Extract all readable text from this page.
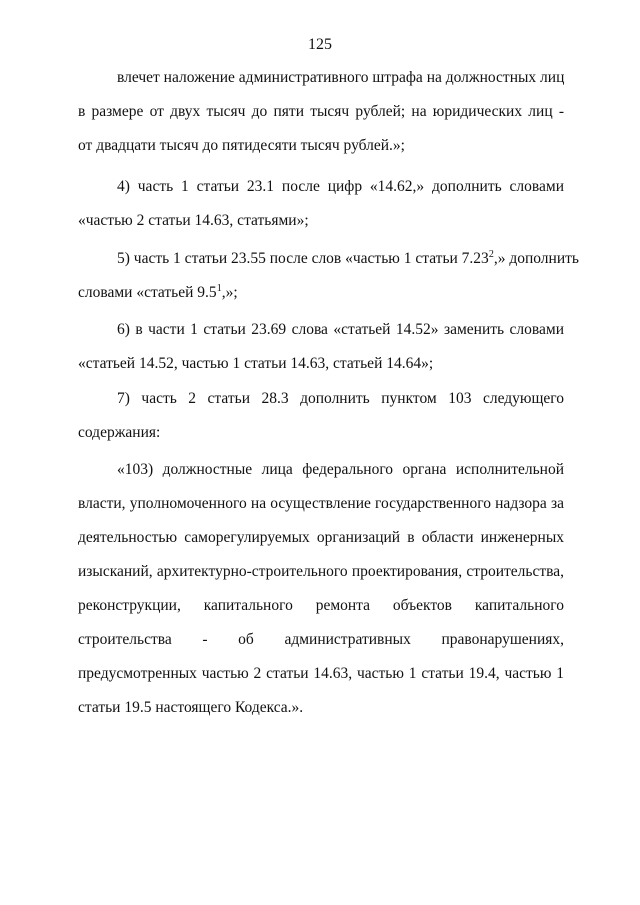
125
влечет наложение административного штрафа на должностных лиц
в размере от двух тысяч до пяти тысяч рублей; на юридических лиц -
от двадцати тысяч до пятидесяти тысяч рублей.»;
4) часть 1 статьи 23.1 после цифр «14.62,» дополнить словами
«частью 2 статьи 14.63, статьями»;
5) часть 1 статьи 23.55 после слов «частью 1 статьи 7.23$^2$,» дополнить
словами «статьей $9.5^1$,»;
6) в части 1 статьи 23.69 слова «статьей 14.52» заменить словами
«статьей 14.52, частью 1 статьи 14.63, статьей 14.64»;
7) часть 2 статьи 28.3 дополнить пунктом 103 следующего
содержания:
«103) должностные лица федерального органа исполнительной
власти, уполномоченного на осуществление государственного надзора за
деятельностью саморегулируемых организаций в области инженерных
изысканий, архитектурно-строительного проектирования, строительства,
реконструкции, капитального ремонта объектов капитального
строительства - об административных правонарушениях,
предусмотренных частью 2 статьи 14.63, частью 1 статьи 19.4, частью 1
статьи 19.5 настоящего Кодекса.».
